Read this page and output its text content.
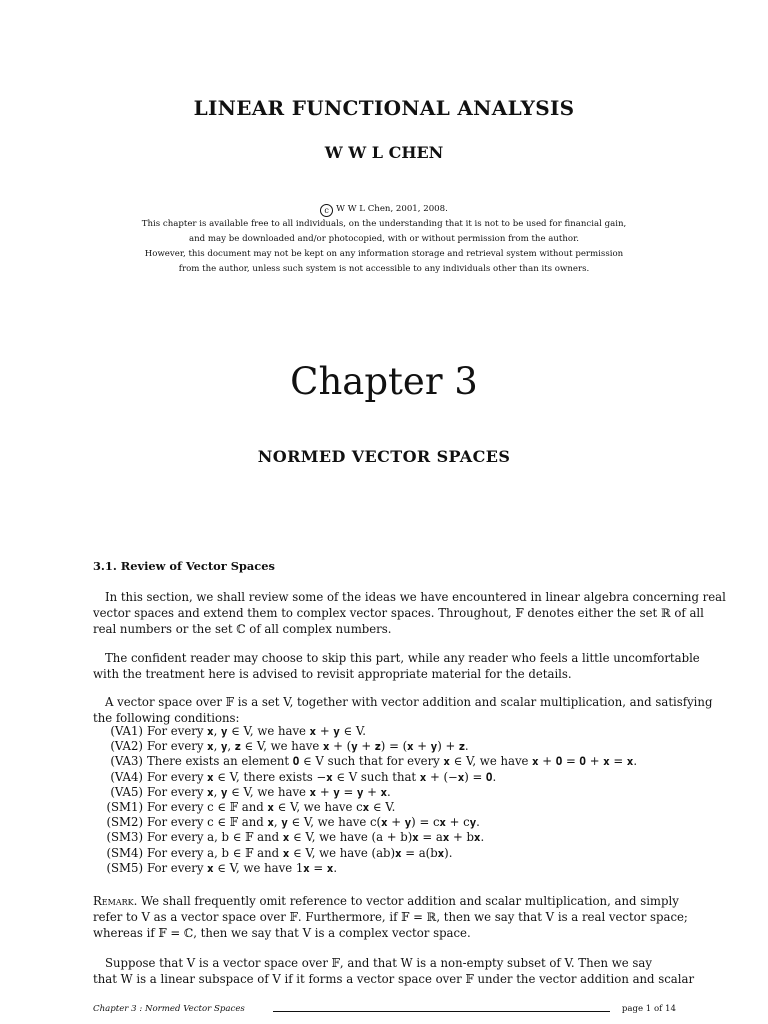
LINEAR FUNCTIONAL ANALYSIS
W W L CHEN
c W W L Chen, 2001, 2008.
This chapter is available free to all individuals, on the understanding that it is not to be used for financial gain,
and may be downloaded and/or photocopied, with or without permission from the author.
However, this document may not be kept on any information storage and retrieval system without permission
from the author, unless such system is not accessible to any individuals other than its owners.
Chapter 3
NORMED VECTOR SPACES
3.1. Review of Vector Spaces
In this section, we shall review some of the ideas we have encountered in linear algebra concerning real
vector spaces and extend them to complex vector spaces. Throughout, 𝔽 denotes either the set ℝ of all
real numbers or the set ℂ of all complex numbers.
The confident reader may choose to skip this part, while any reader who feels a little uncomfortable
with the treatment here is advised to revisit appropriate material for the details.
A vector space over 𝔽 is a set V, together with vector addition and scalar multiplication, and satisfying
the following conditions:
(VA1) For every 𝐱, 𝐲 ∈ V, we have 𝐱 + 𝐲 ∈ V.
(VA2) For every 𝐱, 𝐲, 𝐳 ∈ V, we have 𝐱 + (𝐲 + 𝐳) = (𝐱 + 𝐲) + 𝐳.
(VA3) There exists an element 𝟎 ∈ V such that for every 𝐱 ∈ V, we have 𝐱 + 𝟎 = 𝟎 + 𝐱 = 𝐱.
(VA4) For every 𝐱 ∈ V, there exists −𝐱 ∈ V such that 𝐱 + (−𝐱) = 𝟎.
(VA5) For every 𝐱, 𝐲 ∈ V, we have 𝐱 + 𝐲 = 𝐲 + 𝐱.
(SM1) For every c ∈ 𝔽 and 𝐱 ∈ V, we have c𝐱 ∈ V.
(SM2) For every c ∈ 𝔽 and 𝐱, 𝐲 ∈ V, we have c(𝐱 + 𝐲) = c𝐱 + c𝐲.
(SM3) For every a, b ∈ 𝔽 and 𝐱 ∈ V, we have (a + b)𝐱 = a𝐱 + b𝐱.
(SM4) For every a, b ∈ 𝔽 and 𝐱 ∈ V, we have (ab)𝐱 = a(b𝐱).
(SM5) For every 𝐱 ∈ V, we have 1𝐱 = 𝐱.
Remark. We shall frequently omit reference to vector addition and scalar multiplication, and simply
refer to V as a vector space over 𝔽. Furthermore, if 𝔽 = ℝ, then we say that V is a real vector space;
whereas if 𝔽 = ℂ, then we say that V is a complex vector space.
Suppose that V is a vector space over 𝔽, and that W is a non-empty subset of V. Then we say
that W is a linear subspace of V if it forms a vector space over 𝔽 under the vector addition and scalar
Chapter 3 : Normed Vector Spaces	page 1 of 14
